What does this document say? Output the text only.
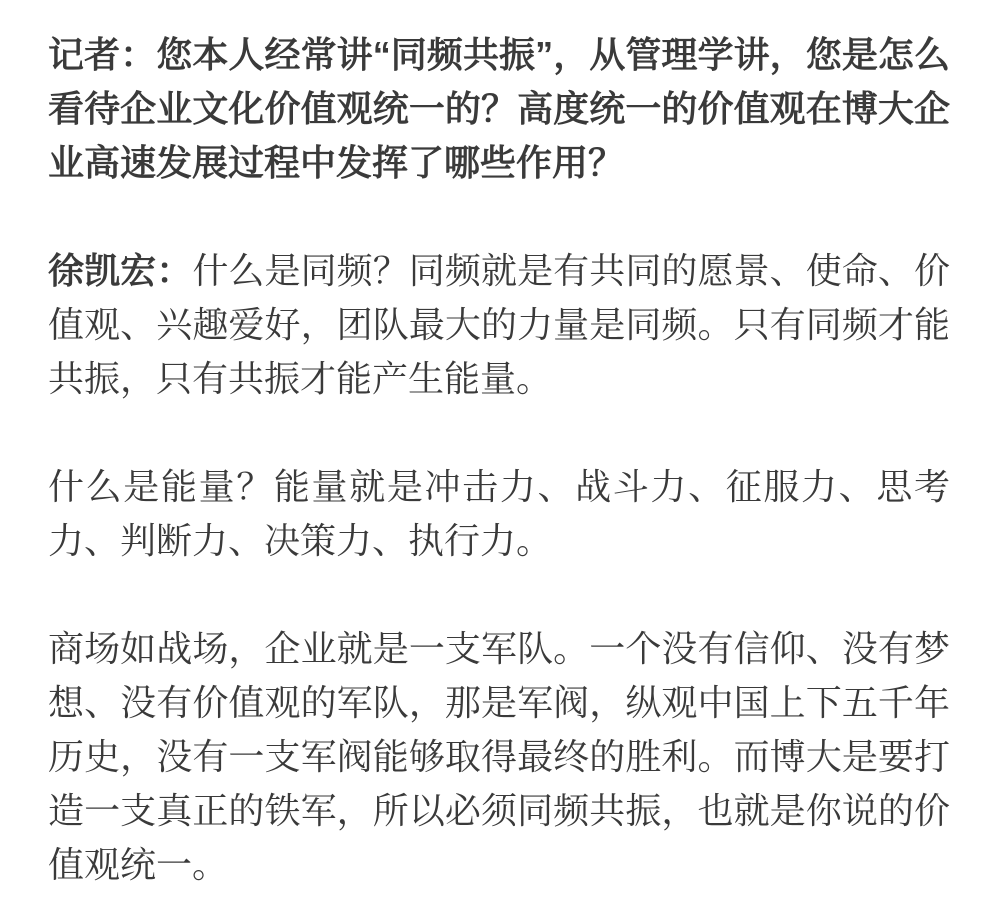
记者：您本人经常讲“同频共振”，从管理学讲，您是怎么看待企业文化价值观统一的？高度统一的价值观在博大企业高速发展过程中发挥了哪些作用？

徐凯宏：什么是同频？同频就是有共同的愿景、使命、价值观、兴趣爱好，团队最大的力量是同频。只有同频才能共振，只有共振才能产生能量。

什么是能量？能量就是冲击力、战斗力、征服力、思考力、判断力、决策力、执行力。

商场如战场，企业就是一支军队。一个没有信仰、没有梦想、没有价值观的军队，那是军阀，纵观中国上下五千年历史，没有一支军阀能够取得最终的胜利。而博大是要打造一支真正的铁军，所以必须同频共振，也就是你说的价值观统一。
